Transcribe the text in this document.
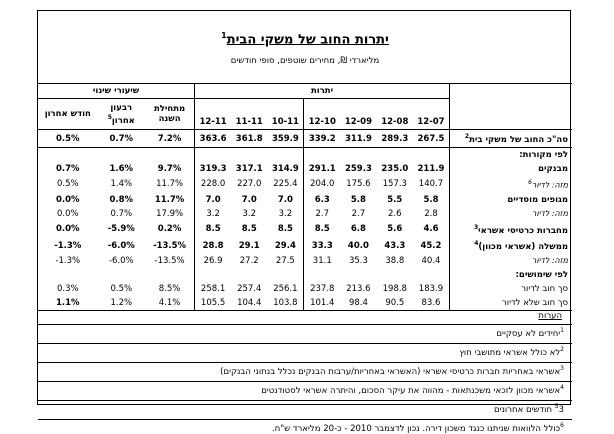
יתרות החוב של משקי הבית$^1$
מליארדי ₪, מחירים שוטפים, סופי חודשים
שיעורי שינוי			יתרות							
חודש אחרון	רבעון אחרון$^5$	מתחילת השנה	12-11	11-11	10-11	12-10	12-09	12-08	12-07	
0.5%	0.7%	7.2%	363.6	361.8	359.9	339.2	311.9	289.3	267.5	סה"כ החוב של משקי בית$^2$
										לפי מקורות:
0.7%	1.6%	9.7%	319.3	317.1	314.9	291.1	259.3	235.0	211.9	מבנקים
0.5%	1.4%	11.7%	228.0	227.0	225.4	204.0	175.6	157.3	140.7	מזה: לדיור$^6$
0.0%	0.8%	11.7%	7.0	7.0	7.0	6.3	5.8	5.5	5.8	מגופים מוסדיים
0.0%	0.7%	17.9%	3.2	3.2	3.2	2.7	2.7	2.6	2.8	מזה: לדיור
0.0%	-5.9%	0.2%	8.5	8.5	8.5	8.5	6.8	5.6	4.6	מחברות כרטיסי אשראי$^3$
-1.3%	-6.0%	-13.5%	28.8	29.1	29.4	33.3	40.0	43.3	45.2	ממשלה (אשראי מכוון)$^4$
-1.3%	-6.0%	-13.5%	26.9	27.2	27.5	31.1	35.3	38.8	40.4	מזה: לדיור
										לפי שימושים:
0.3%	0.5%	8.5%	258.1	257.4	256.1	237.8	213.6	198.8	183.9	סך חוב לדיור
1.1%	1.2%	4.1%	105.5	104.4	103.8	101.4	98.4	90.5	83.6	סך חוב שלא לדיור
הערות
$^1$יחידים לא עסקיים
$^2$לא כולל אשראי מתושבי חוץ
$^3$אשראי באחריות חברות כרטיסי אשראי (האשראי באחריות/ערבות הבנקים נכלל בנתוני הבנקים)
$^4$אשראי מכוון לזכאי משכנתאות - מהווה את עיקר הסכום, והיתרה אשראי לסטודנטים
$^5$3 חודשים אחרונים
$^6$כולל הלוואות שניתנו כנגד משכון דירה. נכון לדצמבר 2010 - כ-20 מליארד ש"ח.
